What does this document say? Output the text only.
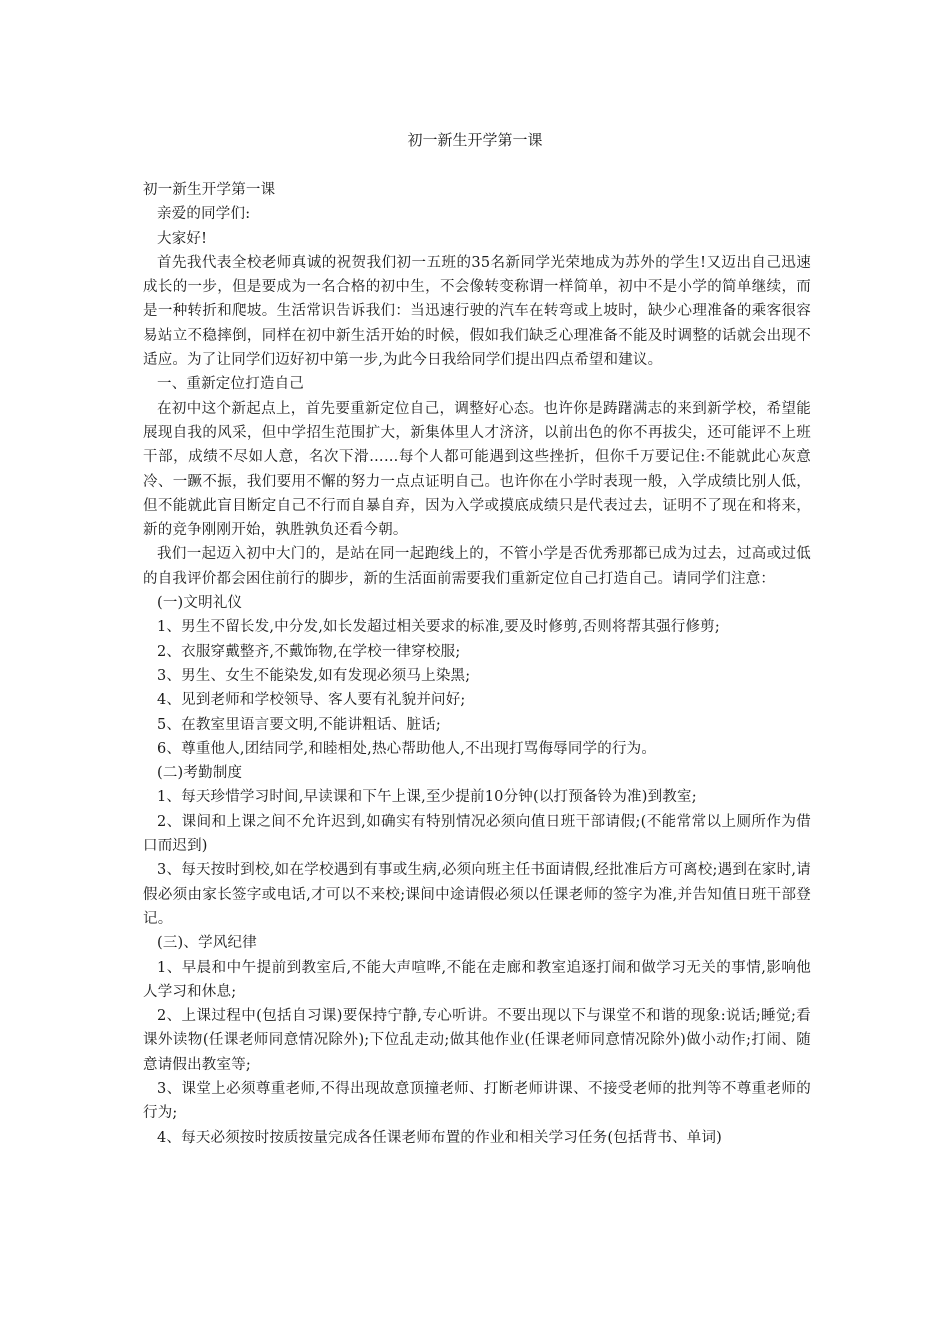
初一新生开学第一课

初一新生开学第一课

亲爱的同学们:

大家好!

首先我代表全校老师真诚的祝贺我们初一五班的35名新同学光荣地成为苏外的学生!又迈出自己迅速成长的一步，但是要成为一名合格的初中生，不会像转变称谓一样简单，初中不是小学的简单继续，而是一种转折和爬坡。生活常识告诉我们：当迅速行驶的汽车在转弯或上坡时，缺少心理准备的乘客很容易站立不稳摔倒，同样在初中新生活开始的时候，假如我们缺乏心理准备不能及时调整的话就会出现不适应。为了让同学们迈好初中第一步,为此今日我给同学们提出四点希望和建议。

一、重新定位打造自己

在初中这个新起点上，首先要重新定位自己，调整好心态。也许你是踌躇满志的来到新学校，希望能展现自我的风采，但中学招生范围扩大，新集体里人才济济，以前出色的你不再拔尖，还可能评不上班干部，成绩不尽如人意，名次下滑……每个人都可能遇到这些挫折，但你千万要记住:不能就此心灰意冷、一蹶不振，我们要用不懈的努力一点点证明自己。也许你在小学时表现一般，入学成绩比别人低，但不能就此盲目断定自己不行而自暴自弃，因为入学或摸底成绩只是代表过去，证明不了现在和将来，新的竞争刚刚开始，孰胜孰负还看今朝。

我们一起迈入初中大门的，是站在同一起跑线上的，不管小学是否优秀那都已成为过去，过高或过低的自我评价都会困住前行的脚步，新的生活面前需要我们重新定位自己打造自己。请同学们注意：

(一)文明礼仪

1、男生不留长发,中分发,如长发超过相关要求的标准,要及时修剪,否则将帮其强行修剪;

2、衣服穿戴整齐,不戴饰物,在学校一律穿校服;

3、男生、女生不能染发,如有发现必须马上染黑;

4、见到老师和学校领导、客人要有礼貌并问好;

5、在教室里语言要文明,不能讲粗话、脏话;

6、尊重他人,团结同学,和睦相处,热心帮助他人,不出现打骂侮辱同学的行为。

(二)考勤制度

1、每天珍惜学习时间,早读课和下午上课,至少提前10分钟(以打预备铃为准)到教室;

2、课间和上课之间不允许迟到,如确实有特别情况必须向值日班干部请假;(不能常常以上厕所作为借口而迟到)

3、每天按时到校,如在学校遇到有事或生病,必须向班主任书面请假,经批准后方可离校;遇到在家时,请假必须由家长签字或电话,才可以不来校;课间中途请假必须以任课老师的签字为准,并告知值日班干部登记。

(三)、学风纪律

1、早晨和中午提前到教室后,不能大声喧哗,不能在走廊和教室追逐打闹和做学习无关的事情,影响他人学习和休息;

2、上课过程中(包括自习课)要保持宁静,专心听讲。不要出现以下与课堂不和谐的现象:说话;睡觉;看课外读物(任课老师同意情况除外);下位乱走动;做其他作业(任课老师同意情况除外)做小动作;打闹、随意请假出教室等;

3、课堂上必须尊重老师,不得出现故意顶撞老师、打断老师讲课、不接受老师的批判等不尊重老师的行为;

4、每天必须按时按质按量完成各任课老师布置的作业和相关学习任务(包括背书、单词)
